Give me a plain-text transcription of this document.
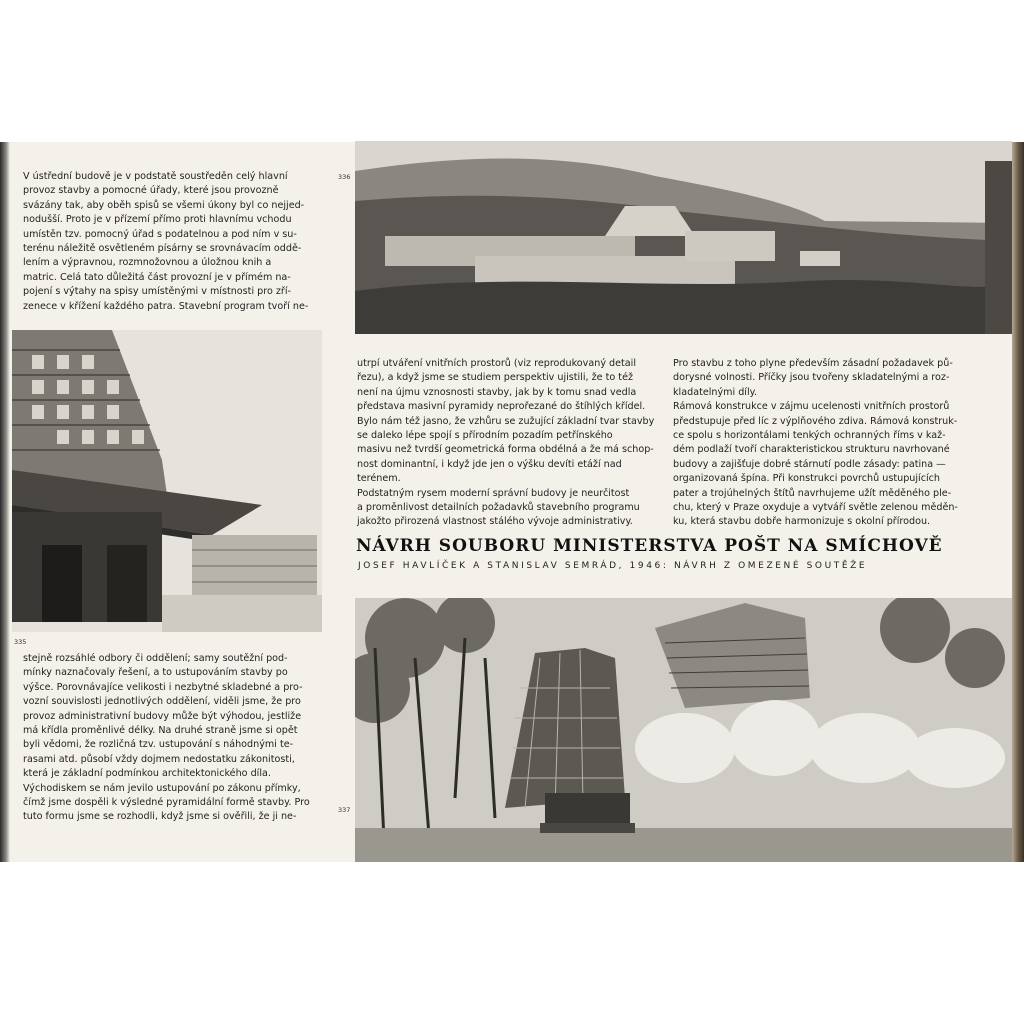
V ústřední budově je v podstatě soustředěn celý hlavní

provoz stavby a pomocné úřady, které jsou provozně

svázány tak, aby oběh spisů se všemi úkony byl co nejjed-

nodušší. Proto je v přízemí přímo proti hlavnímu vchodu

umístěn tzv. pomocný úřad s podatelnou a pod ním v su-

terénu náležitě osvětleném písárny se srovnávacím oddě-

lením a výpravnou, rozmnožovnou a úložnou knih a

matric. Celá tato důležitá část provozní je v přímém na-

pojení s výtahy na spisy umístěnými v místnosti pro zří-

zenece v křížení každého patra. Stavební program tvoří ne-

335

stejně rozsáhlé odbory či oddělení; samy soutěžní pod-

mínky naznačovaly řešení, a to ustupováním stavby po

výšce. Porovnávajíce velikosti i nezbytné skladebné a pro-

vozní souvislosti jednotlivých oddělení, viděli jsme, že pro

provoz administrativní budovy může být výhodou, jestliže

má křídla proměnlivé délky. Na druhé straně jsme si opět

byli vědomi, že rozličná tzv. ustupování s náhodnými te-

rasami atd. působí vždy dojmem nedostatku zákonitosti,

která je základní podmínkou architektonického díla.

Východiskem se nám jevilo ustupování po zákonu přímky,

čímž jsme dospěli k výsledné pyramidální formě stavby. Pro

tuto formu jsme se rozhodli, když jsme si ověřili, že ji ne-

336

utrpí utváření vnitřních prostorů (viz reprodukovaný detail

řezu), a když jsme se studiem perspektiv ujistili, že to též

není na újmu vznosnosti stavby, jak by k tomu snad vedla

představa masivní pyramidy neprořezané do štíhlých křídel.

Bylo nám též jasno, že vzhůru se zužující základní tvar stavby

se daleko lépe spojí s přírodním pozadím petřínského

masivu než tvrdší geometrická forma obdélná a že má schop-

nost dominantní, i když jde jen o výšku devíti etáží nad

terénem.

Podstatným rysem moderní správní budovy je neurčitost

a proměnlivost detailních požadavků stavebního programu

jakožto přirozená vlastnost stálého vývoje administrativy.

Pro stavbu z toho plyne především zásadní požadavek pů-

dorysné volnosti. Příčky jsou tvořeny skladatelnými a roz-

kladatelnými díly.

Rámová konstrukce v zájmu ucelenosti vnitřních prostorů

předstupuje před líc z výplňového zdiva. Rámová konstruk-

ce spolu s horizontálami tenkých ochranných říms v kaž-

dém podlaží tvoří charakteristickou strukturu navrhované

budovy a zajišťuje dobré stárnutí podle zásady: patina —

organizovaná špína. Při konstrukci povrchů ustupujících

pater a trojúhelných štítů navrhujeme užít měděného ple-

chu, který v Praze oxyduje a vytváří světle zelenou měděn-

ku, která stavbu dobře harmonizuje s okolní přírodou.

NÁVRH SOUBORU MINISTERSTVA POŠT NA SMÍCHOVĚ
JOSEF HAVLÍČEK A STANISLAV SEMRÁD, 1946: NÁVRH Z OMEZENÉ SOUTĚŽE
337
